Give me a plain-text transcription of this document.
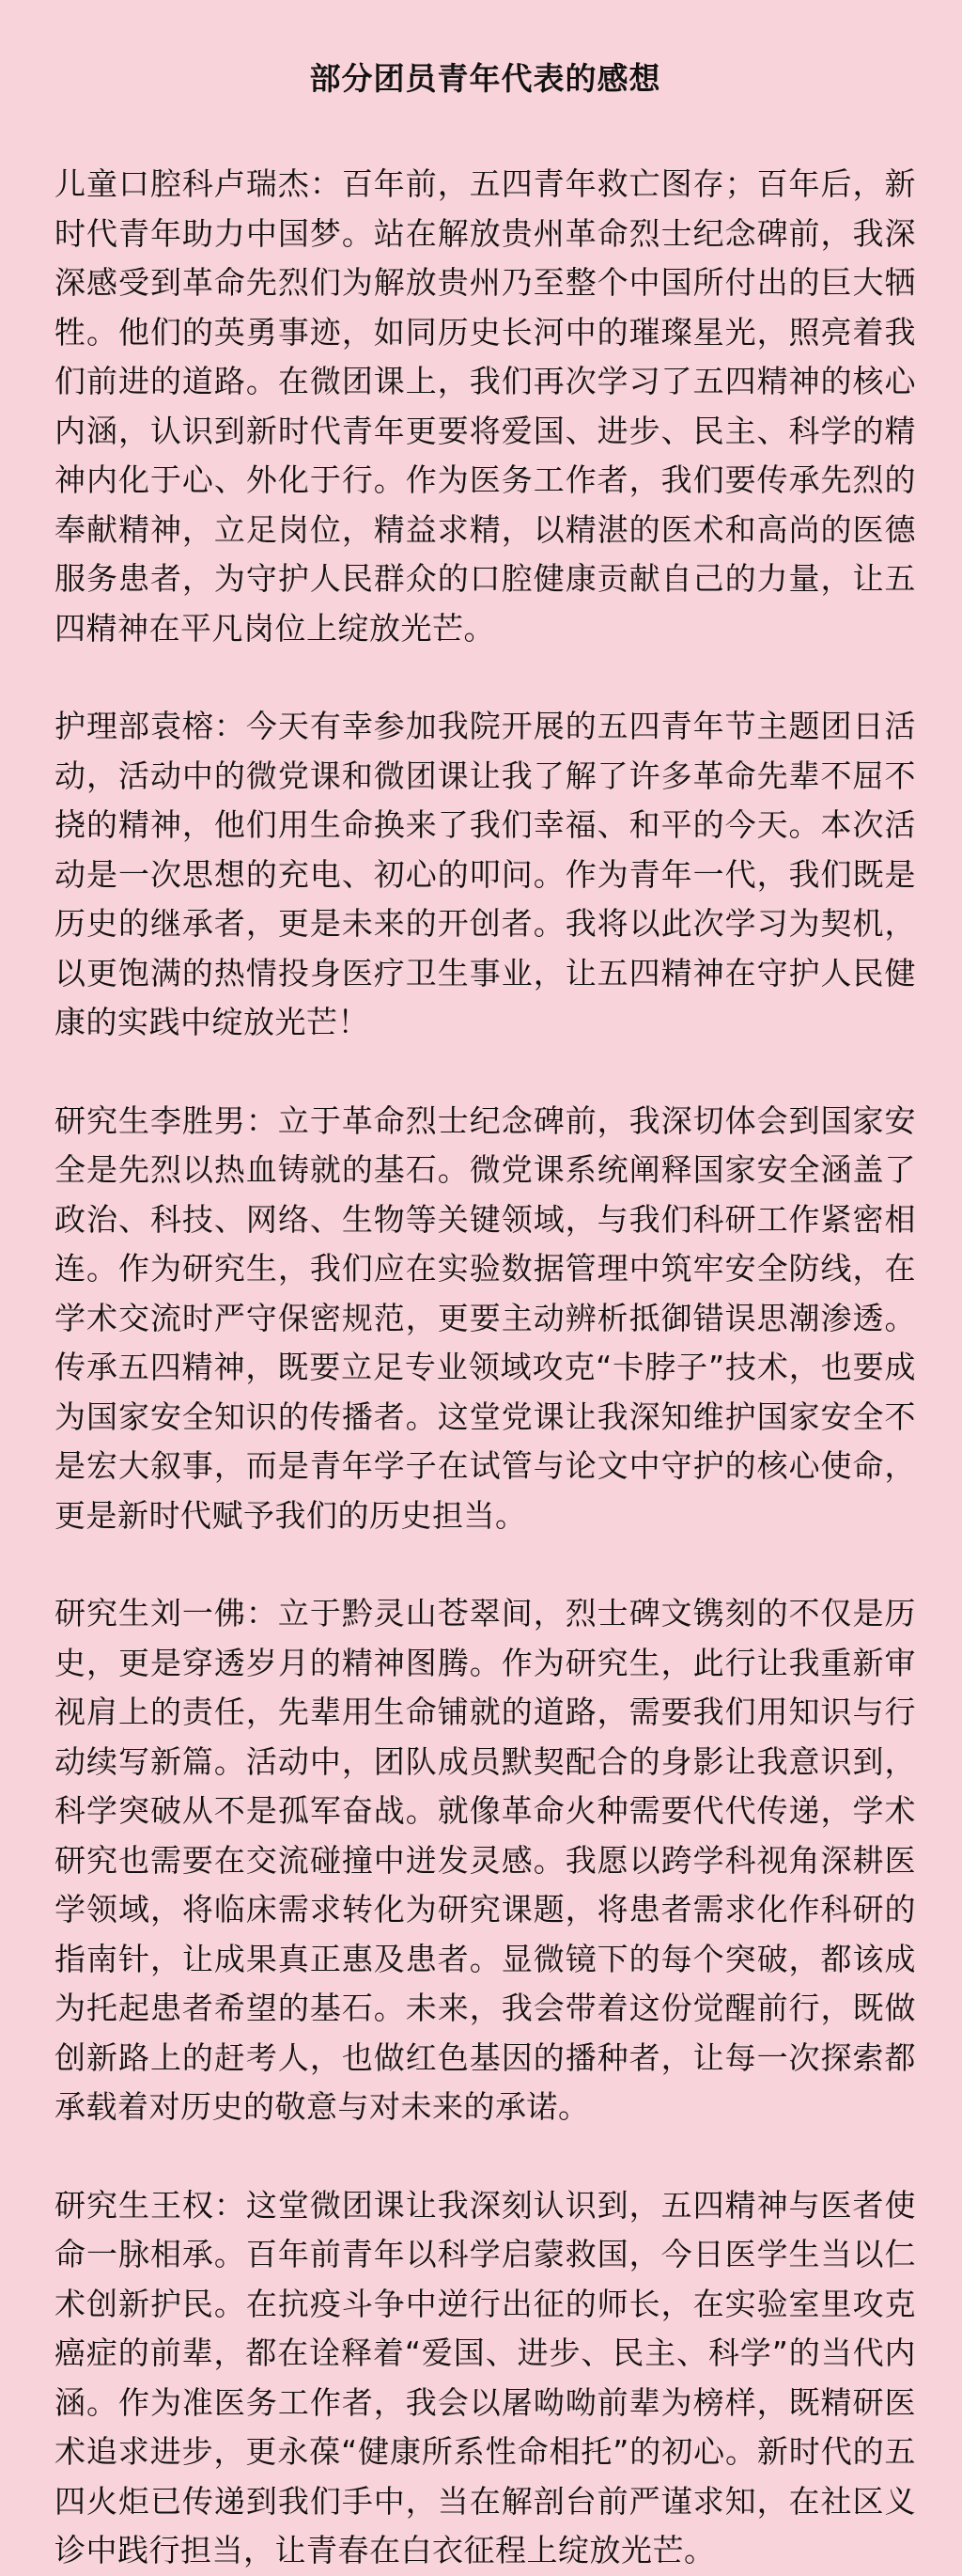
部分团员青年代表的感想

儿童口腔科卢瑞杰：百年前，五四青年救亡图存；百年后，新时代青年助力中国梦。站在解放贵州革命烈士纪念碑前，我深深感受到革命先烈们为解放贵州乃至整个中国所付出的巨大牺牲。他们的英勇事迹，如同历史长河中的璀璨星光，照亮着我们前进的道路。在微团课上，我们再次学习了五四精神的核心内涵，认识到新时代青年更要将爱国、进步、民主、科学的精神内化于心、外化于行。作为医务工作者，我们要传承先烈的奉献精神，立足岗位，精益求精，以精湛的医术和高尚的医德服务患者，为守护人民群众的口腔健康贡献自己的力量，让五四精神在平凡岗位上绽放光芒。

护理部袁榕：今天有幸参加我院开展的五四青年节主题团日活动，活动中的微党课和微团课让我了解了许多革命先辈不屈不挠的精神，他们用生命换来了我们幸福、和平的今天。本次活动是一次思想的充电、初心的叩问。作为青年一代，我们既是历史的继承者，更是未来的开创者。我将以此次学习为契机，以更饱满的热情投身医疗卫生事业，让五四精神在守护人民健康的实践中绽放光芒！

研究生李胜男：立于革命烈士纪念碑前，我深切体会到国家安全是先烈以热血铸就的基石。微党课系统阐释国家安全涵盖了政治、科技、网络、生物等关键领域，与我们科研工作紧密相连。作为研究生，我们应在实验数据管理中筑牢安全防线，在学术交流时严守保密规范，更要主动辨析抵御错误思潮渗透。传承五四精神，既要立足专业领域攻克“卡脖子”技术，也要成为国家安全知识的传播者。这堂党课让我深知维护国家安全不是宏大叙事，而是青年学子在试管与论文中守护的核心使命，更是新时代赋予我们的历史担当。

研究生刘一佛：立于黔灵山苍翠间，烈士碑文镌刻的不仅是历史，更是穿透岁月的精神图腾。作为研究生，此行让我重新审视肩上的责任，先辈用生命铺就的道路，需要我们用知识与行动续写新篇。活动中，团队成员默契配合的身影让我意识到，科学突破从不是孤军奋战。就像革命火种需要代代传递，学术研究也需要在交流碰撞中迸发灵感。我愿以跨学科视角深耕医学领域，将临床需求转化为研究课题，将患者需求化作科研的指南针，让成果真正惠及患者。显微镜下的每个突破，都该成为托起患者希望的基石。未来，我会带着这份觉醒前行，既做创新路上的赶考人，也做红色基因的播种者，让每一次探索都承载着对历史的敬意与对未来的承诺。

研究生王权：这堂微团课让我深刻认识到，五四精神与医者使命一脉相承。百年前青年以科学启蒙救国，今日医学生当以仁术创新护民。在抗疫斗争中逆行出征的师长，在实验室里攻克癌症的前辈，都在诠释着“爱国、进步、民主、科学”的当代内涵。作为准医务工作者，我会以屠呦呦前辈为榜样，既精研医术追求进步，更永葆“健康所系性命相托”的初心。新时代的五四火炬已传递到我们手中，当在解剖台前严谨求知，在社区义诊中践行担当，让青春在白衣征程上绽放光芒。
